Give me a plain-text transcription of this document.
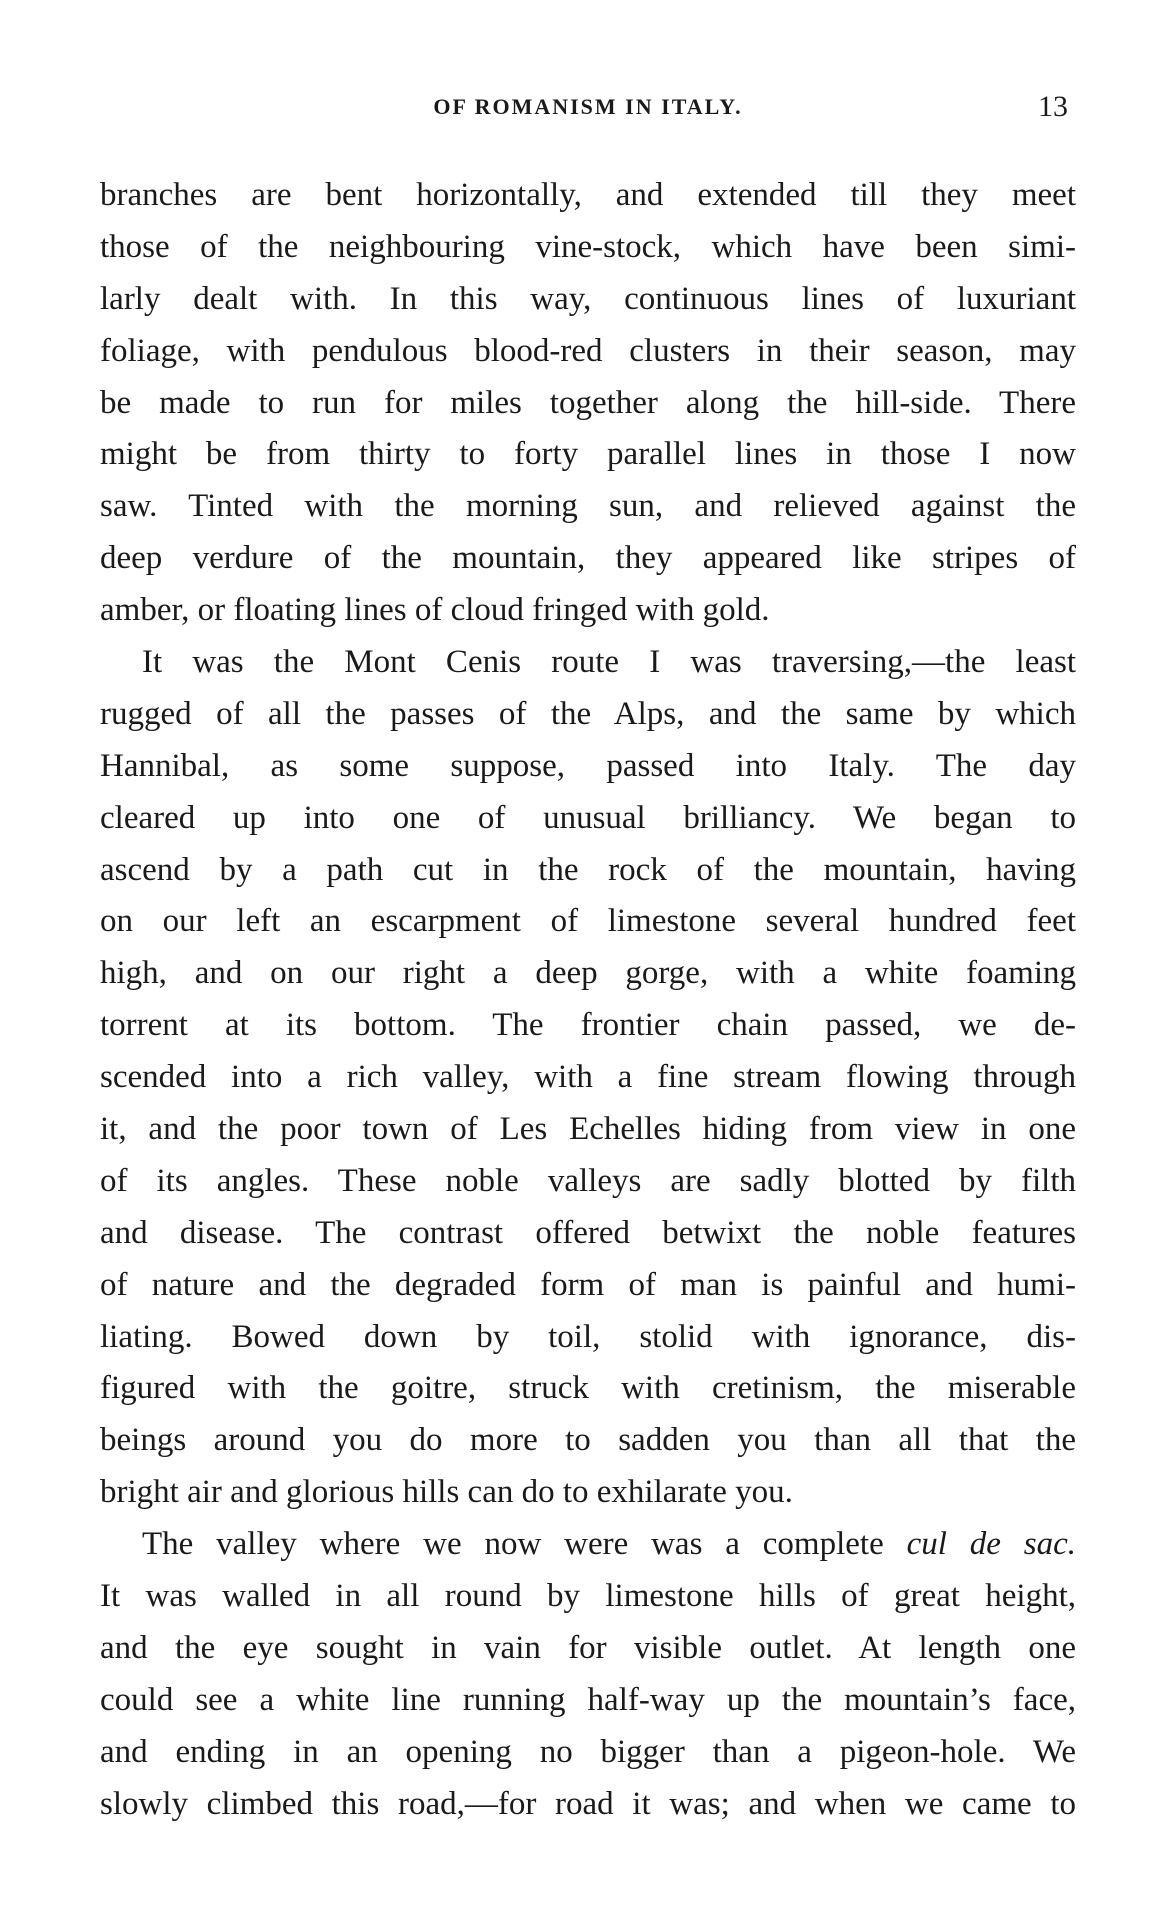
OF ROMANISM IN ITALY.	13
branches are bent horizontally, and extended till they meet
those of the neighbouring vine-stock, which have been simi-
larly dealt with. In this way, continuous lines of luxuriant
foliage, with pendulous blood-red clusters in their season, may
be made to run for miles together along the hill-side. There
might be from thirty to forty parallel lines in those I now
saw. Tinted with the morning sun, and relieved against the
deep verdure of the mountain, they appeared like stripes of
amber, or floating lines of cloud fringed with gold.
It was the Mont Cenis route I was traversing,—the least
rugged of all the passes of the Alps, and the same by which
Hannibal, as some suppose, passed into Italy. The day
cleared up into one of unusual brilliancy. We began to
ascend by a path cut in the rock of the mountain, having
on our left an escarpment of limestone several hundred feet
high, and on our right a deep gorge, with a white foaming
torrent at its bottom. The frontier chain passed, we de-
scended into a rich valley, with a fine stream flowing through
it, and the poor town of Les Echelles hiding from view in one
of its angles. These noble valleys are sadly blotted by filth
and disease. The contrast offered betwixt the noble features
of nature and the degraded form of man is painful and humi-
liating. Bowed down by toil, stolid with ignorance, dis-
figured with the goitre, struck with cretinism, the miserable
beings around you do more to sadden you than all that the
bright air and glorious hills can do to exhilarate you.
The valley where we now were was a complete cul de sac.
It was walled in all round by limestone hills of great height,
and the eye sought in vain for visible outlet. At length one
could see a white line running half-way up the mountain’s face,
and ending in an opening no bigger than a pigeon-hole. We
slowly climbed this road,—for road it was; and when we came to
